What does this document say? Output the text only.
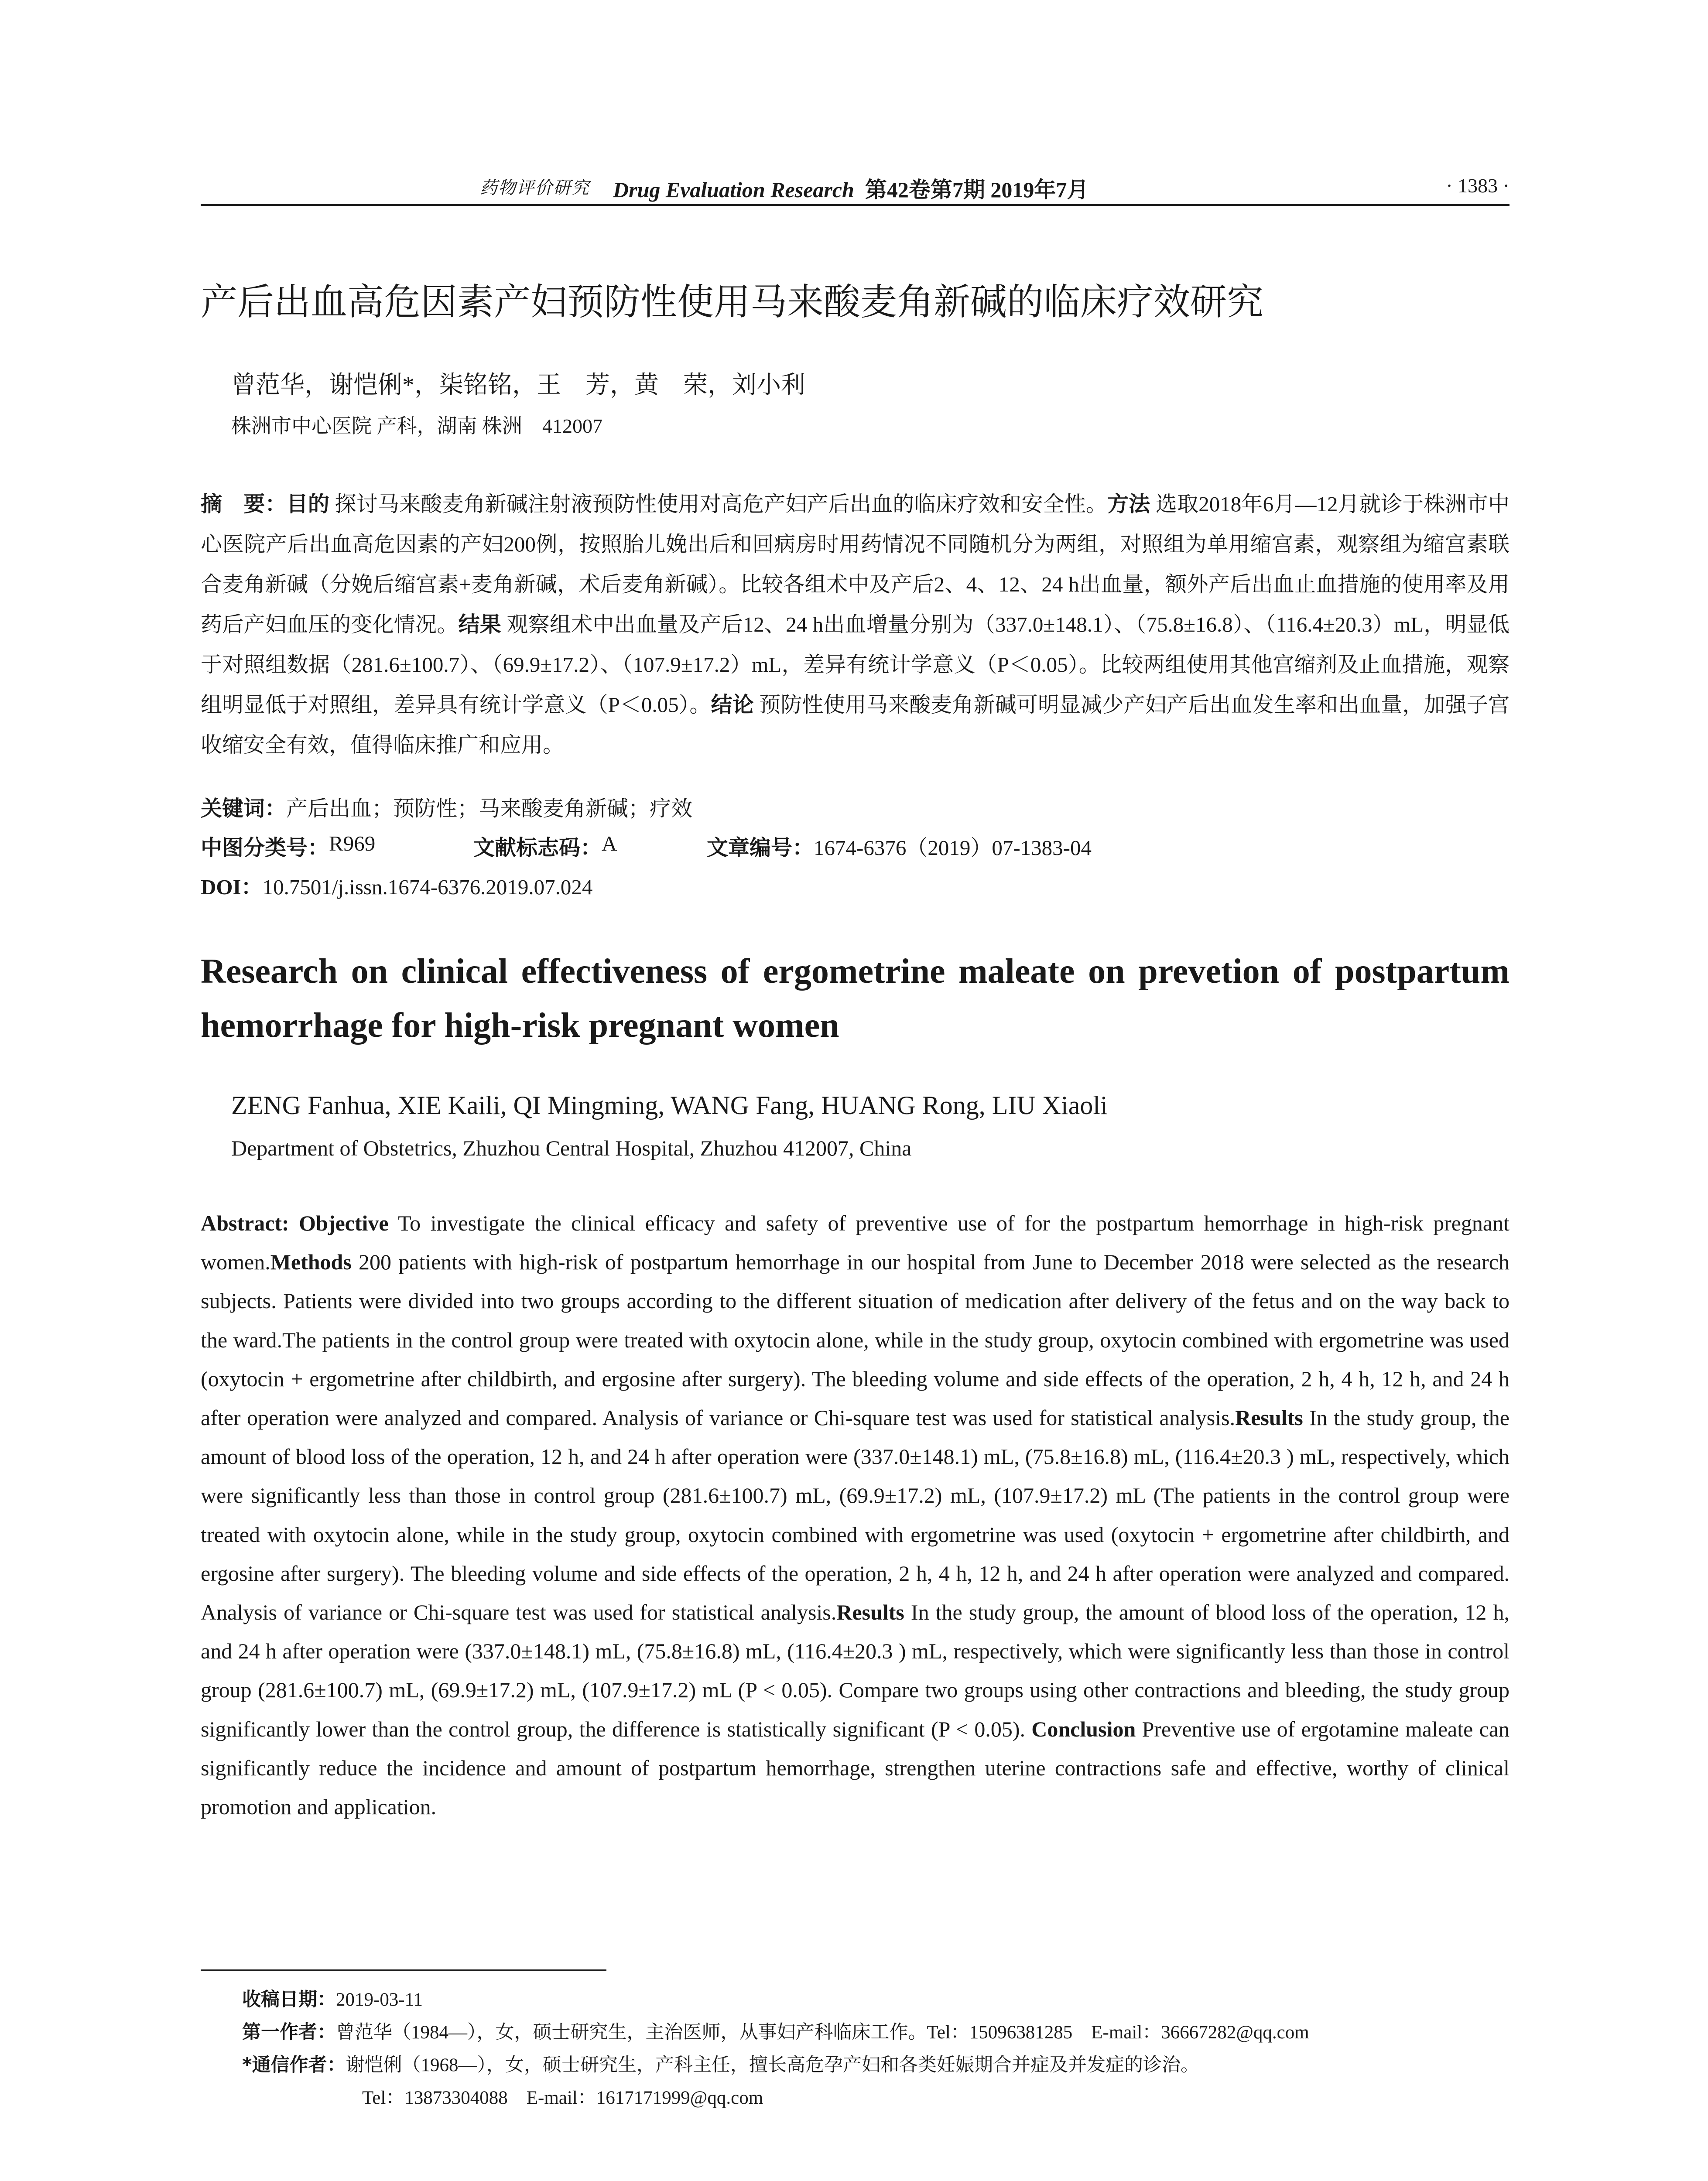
药物评价研究 Drug Evaluation Research 第42卷第7期 2019年7月	· 1383 ·
产后出血高危因素产妇预防性使用马来酸麦角新碱的临床疗效研究
曾范华，谢恺俐*，柒铭铭，王　芳，黄　荣，刘小利
株洲市中心医院 产科，湖南 株洲　412007
摘　要：目的 探讨马来酸麦角新碱注射液预防性使用对高危产妇产后出血的临床疗效和安全性。方法 选取2018年6月—12月就诊于株洲市中心医院产后出血高危因素的产妇200例，按照胎儿娩出后和回病房时用药情况不同随机分为两组，对照组为单用缩宫素，观察组为缩宫素联合麦角新碱（分娩后缩宫素+麦角新碱，术后麦角新碱）。比较各组术中及产后2、4、12、24 h出血量，额外产后出血止血措施的使用率及用药后产妇血压的变化情况。结果 观察组术中出血量及产后12、24 h出血增量分别为（337.0±148.1）、（75.8±16.8）、（116.4±20.3）mL，明显低于对照组数据（281.6±100.7）、（69.9±17.2）、（107.9±17.2）mL，差异有统计学意义（P＜0.05）。比较两组使用其他宫缩剂及止血措施，观察组明显低于对照组，差异具有统计学意义（P＜0.05）。结论 预防性使用马来酸麦角新碱可明显减少产妇产后出血发生率和出血量，加强子宫收缩安全有效，值得临床推广和应用。
关键词：产后出血；预防性；马来酸麦角新碱；疗效
中图分类号： R969	文献标志码： A	文章编号： 1674-6376（2019）07-1383-04
DOI：10.7501/j.issn.1674-6376.2019.07.024
Research on clinical effectiveness of ergometrine maleate on prevetion of postpartum hemorrhage for high-risk pregnant women
ZENG Fanhua, XIE Kaili, QI Mingming, WANG Fang, HUANG Rong, LIU Xiaoli
Department of Obstetrics, Zhuzhou Central Hospital, Zhuzhou 412007, China
Abstract: Objective To investigate the clinical efficacy and safety of preventive use of for the postpartum hemorrhage in high-risk pregnant women.Methods 200 patients with high-risk of postpartum hemorrhage in our hospital from June to December 2018 were selected as the research subjects. Patients were divided into two groups according to the different situation of medication after delivery of the fetus and on the way back to the ward.The patients in the control group were treated with oxytocin alone, while in the study group, oxytocin combined with ergometrine was used (oxytocin + ergometrine after childbirth, and ergosine after surgery). The bleeding volume and side effects of the operation, 2 h, 4 h, 12 h, and 24 h after operation were analyzed and compared. Analysis of variance or Chi-square test was used for statistical analysis.Results In the study group, the amount of blood loss of the operation, 12 h, and 24 h after operation were (337.0±148.1) mL, (75.8±16.8) mL, (116.4±20.3 ) mL, respectively, which were significantly less than those in control group (281.6±100.7) mL, (69.9±17.2) mL, (107.9±17.2) mL (The patients in the control group were treated with oxytocin alone, while in the study group, oxytocin combined with ergometrine was used (oxytocin + ergometrine after childbirth, and ergosine after surgery). The bleeding volume and side effects of the operation, 2 h, 4 h, 12 h, and 24 h after operation were analyzed and compared. Analysis of variance or Chi-square test was used for statistical analysis.Results In the study group, the amount of blood loss of the operation, 12 h, and 24 h after operation were (337.0±148.1) mL, (75.8±16.8) mL, (116.4±20.3 ) mL, respectively, which were significantly less than those in control group (281.6±100.7) mL, (69.9±17.2) mL, (107.9±17.2) mL (P < 0.05). Compare two groups using other contractions and bleeding, the study group significantly lower than the control group, the difference is statistically significant (P < 0.05). Conclusion Preventive use of ergotamine maleate can significantly reduce the incidence and amount of postpartum hemorrhage, strengthen uterine contractions safe and effective, worthy of clinical promotion and application.
收稿日期：2019-03-11
第一作者：曾范华（1984—），女，硕士研究生，主治医师，从事妇产科临床工作。Tel：15096381285　E-mail：36667282@qq.com
*通信作者：谢恺俐（1968—），女，硕士研究生，产科主任，擅长高危孕产妇和各类妊娠期合并症及并发症的诊治。
Tel：13873304088　E-mail：1617171999@qq.com
